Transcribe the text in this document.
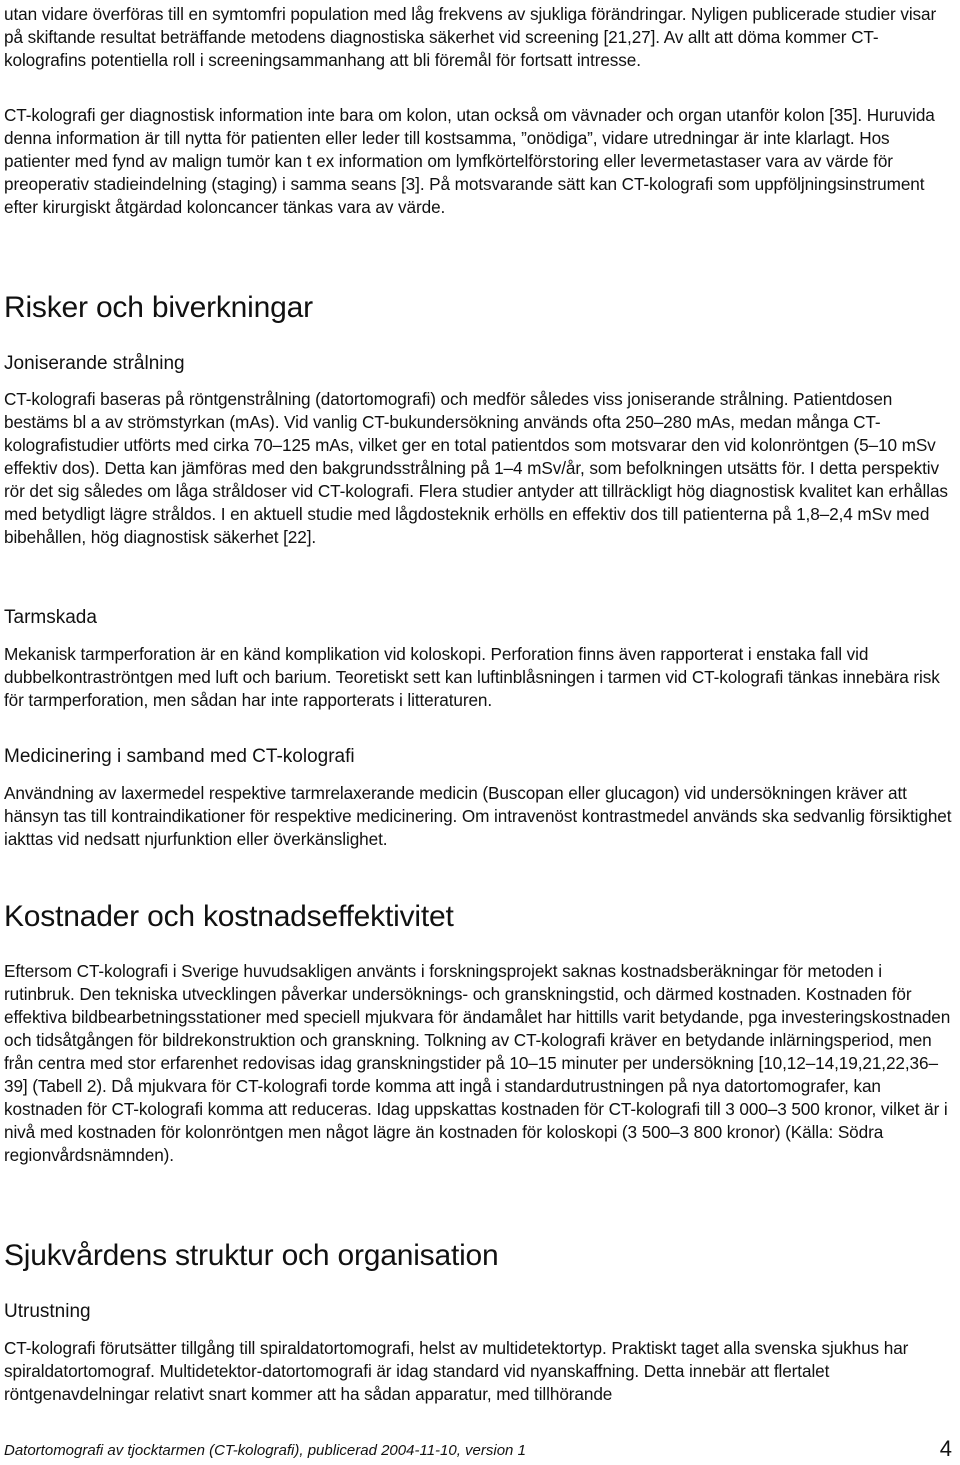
utan vidare överföras till en symtomfri population med låg frekvens av sjukliga förändringar. Nyligen publicerade studier visar på skiftande resultat beträffande metodens diagnostiska säkerhet vid screening [21,27]. Av allt att döma kommer CT-kolografins potentiella roll i screeningsammanhang att bli föremål för fortsatt intresse.

CT-kolografi ger diagnostisk information inte bara om kolon, utan också om vävnader och organ utanför kolon [35]. Huruvida denna information är till nytta för patienten eller leder till kostsamma, ”onödiga”, vidare utredningar är inte klarlagt. Hos patienter med fynd av malign tumör kan t ex information om lymfkörtelförstoring eller levermetastaser vara av värde för preoperativ stadieindelning (staging) i samma seans [3]. På motsvarande sätt kan CT-kolografi som uppföljningsinstrument efter kirurgiskt åtgärdad koloncancer tänkas vara av värde.

Risker och biverkningar
Joniserande strålning

CT-kolografi baseras på röntgenstrålning (datortomografi) och medför således viss joniserande strålning. Patientdosen bestäms bl a av strömstyrkan (mAs). Vid vanlig CT-bukundersökning används ofta 250–280 mAs, medan många CT-kolografistudier utförts med cirka 70–125 mAs, vilket ger en total patientdos som motsvarar den vid kolonröntgen (5–10 mSv effektiv dos). Detta kan jämföras med den bakgrundsstrålning på 1–4 mSv/år, som befolkningen utsätts för. I detta perspektiv rör det sig således om låga stråldoser vid CT-kolografi. Flera studier antyder att tillräckligt hög diagnostisk kvalitet kan erhållas med betydligt lägre stråldos. I en aktuell studie med lågdosteknik erhölls en effektiv dos till patienterna på 1,8–2,4 mSv med bibehållen, hög diagnostisk säkerhet [22].

Tarmskada

Mekanisk tarmperforation är en känd komplikation vid koloskopi. Perforation finns även rapporterat i enstaka fall vid dubbelkontraströntgen med luft och barium. Teoretiskt sett kan luftinblåsningen i tarmen vid CT-kolografi tänkas innebära risk för tarmperforation, men sådan har inte rapporterats i litteraturen.

Medicinering i samband med CT-kolografi

Användning av laxermedel respektive tarmrelaxerande medicin (Buscopan eller glucagon) vid undersökningen kräver att hänsyn tas till kontraindikationer för respektive medicinering. Om intravenöst kontrastmedel används ska sedvanlig försiktighet iakttas vid nedsatt njurfunktion eller överkänslighet.

Kostnader och kostnadseffektivitet

Eftersom CT-kolografi i Sverige huvudsakligen använts i forskningsprojekt saknas kostnadsberäkningar för metoden i rutinbruk. Den tekniska utvecklingen påverkar undersöknings- och granskningstid, och därmed kostnaden. Kostnaden för effektiva bildbearbetningsstationer med speciell mjukvara för ändamålet har hittills varit betydande, pga investeringskostnaden och tidsåtgången för bildrekonstruktion och granskning. Tolkning av CT-kolografi kräver en betydande inlärningsperiod, men från centra med stor erfarenhet redovisas idag granskningstider på 10–15 minuter per undersökning [10,12–14,19,21,22,36–39] (Tabell 2). Då mjukvara för CT-kolografi torde komma att ingå i standardutrustningen på nya datortomografer, kan kostnaden för CT-kolografi komma att reduceras. Idag uppskattas kostnaden för CT-kolografi till 3 000–3 500 kronor, vilket är i nivå med kostnaden för kolonröntgen men något lägre än kostnaden för koloskopi (3 500–3 800 kronor) (Källa: Södra regionvårdsnämnden).

Sjukvårdens struktur och organisation
Utrustning

CT-kolografi förutsätter tillgång till spiraldatortomografi, helst av multidetektortyp. Praktiskt taget alla svenska sjukhus har spiraldatortomograf. Multidetektor-datortomografi är idag standard vid nyanskaffning. Detta innebär att flertalet röntgenavdelningar relativt snart kommer att ha sådan apparatur, med tillhörande

Datortomografi av tjocktarmen (CT-kolografi), publicerad 2004-11-10, version 1	4
